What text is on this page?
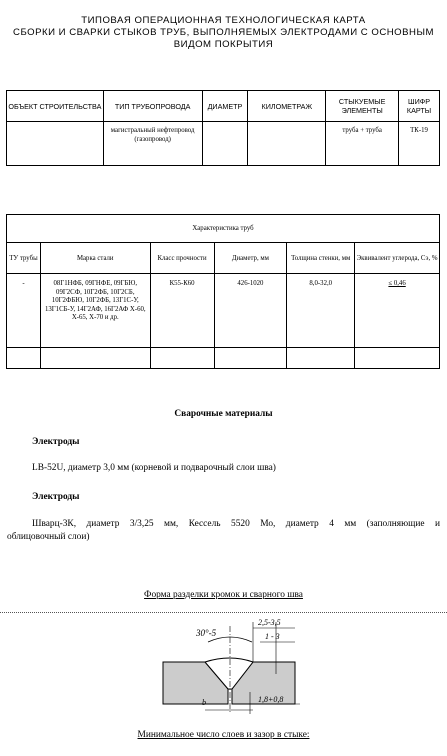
ТИПОВАЯ ОПЕРАЦИОННАЯ ТЕХНОЛОГИЧЕСКАЯ КАРТА
СБОРКИ И СВАРКИ СТЫКОВ ТРУБ, ВЫПОЛНЯЕМЫХ ЭЛЕКТРОДАМИ С ОСНОВНЫМ
ВИДОМ ПОКРЫТИЯ
ОБЪЕКТ СТРОИТЕЛЬСТВА	ТИП ТРУБОПРОВОДА	ДИАМЕТР	КИЛОМЕТРАЖ	СТЫКУЕМЫЕ ЭЛЕМЕНТЫ	ШИФР КАРТЫ
	магистральный нефтепровод (газопровод)			труба + труба	ТК-19
Характеристика труб					
ТУ трубы	Марка стали	Класс прочности	Диаметр, мм	Толщина стенки, мм	Эквивалент углерода, Сэ, %
-	08Г1НФБ, 09ГНФЕ, 09ГБЮ, 09Г2СФ, 10Г2ФБ, 10Г2СБ, 10Г2ФБЮ, 10Г2ФБ, 13Г1С-У, 13Г1СБ-У, 14Г2АФ, 16Г2АФ Х-60, Х-65, Х-70 и др.	К55-К60	426-1020	8,0-32,0	≤ 0,46

Сварочные материалы
Электроды
LB-52U, диаметр 3,0 мм (корневой и подварочный слои шва)
Электроды
Шварц-3К, диаметр 3/3,25 мм, Кессель 5520 Мо, диаметр 4 мм (заполняющие и
облицовочный слои)
Форма разделки кромок и сварного шва
30°-5
2,5-3,5
1 - 3
b	1,8+0,8
Минимальное число слоев и зазор в стыке:
